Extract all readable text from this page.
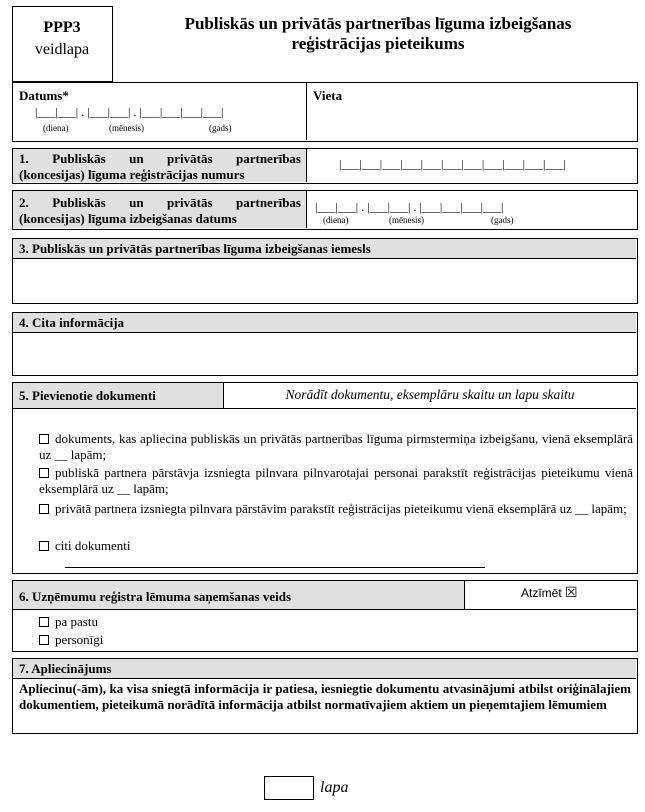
PPP3
veidlapa
Publiskās un privātās partnerības līguma izbeigšanas
reģistrācijas pieteikums
Datums*
|___|___| . |___|___| . |___|___|___|___|
(diena)	(mēnesis)	(gads)
Vieta
1. Publiskās un privātās partnerības
(koncesijas) līguma reģistrācijas numurs
|___|___|___|___|___|___|___|___|___|___|___|
2. Publiskās un privātās partnerības
(koncesijas) līguma izbeigšanas datums
|___|___| . |___|___| . |___|___|___|___|
(diena)	(mēnesis)	(gads)
3. Publiskās un privātās partnerības līguma izbeigšanas iemesls
4. Cita informācija
5. Pievienotie dokumenti	Norādīt dokumentu, eksemplāru skaitu un lapu skaitu
dokuments, kas apliecina publiskās un privātās partnerības līguma pirmstermiņa izbeigšanu, vienā eksemplārā uz __ lapām;
publiskā partnera pārstāvja izsniegta pilnvara pilnvarotajai personai parakstīt reģistrācijas pieteikumu vienā eksemplārā uz __ lapām;
privātā partnera izsniegta pilnvara pārstāvim parakstīt reģistrācijas pieteikumu vienā eksemplārā uz __ lapām;
citi dokumenti
6. Uzņēmumu reģistra lēmuma saņemšanas veids	Atzīmēt ☒
pa pastu
personīgi
7. Apliecinājums
Apliecinu(-ām), ka visa sniegtā informācija ir patiesa, iesniegtie dokumentu atvasinājumi atbilst oriģinālajiem dokumentiem, pieteikumā norādītā informācija atbilst normatīvajiem aktiem un pieņemtajiem lēmumiem
lapa
